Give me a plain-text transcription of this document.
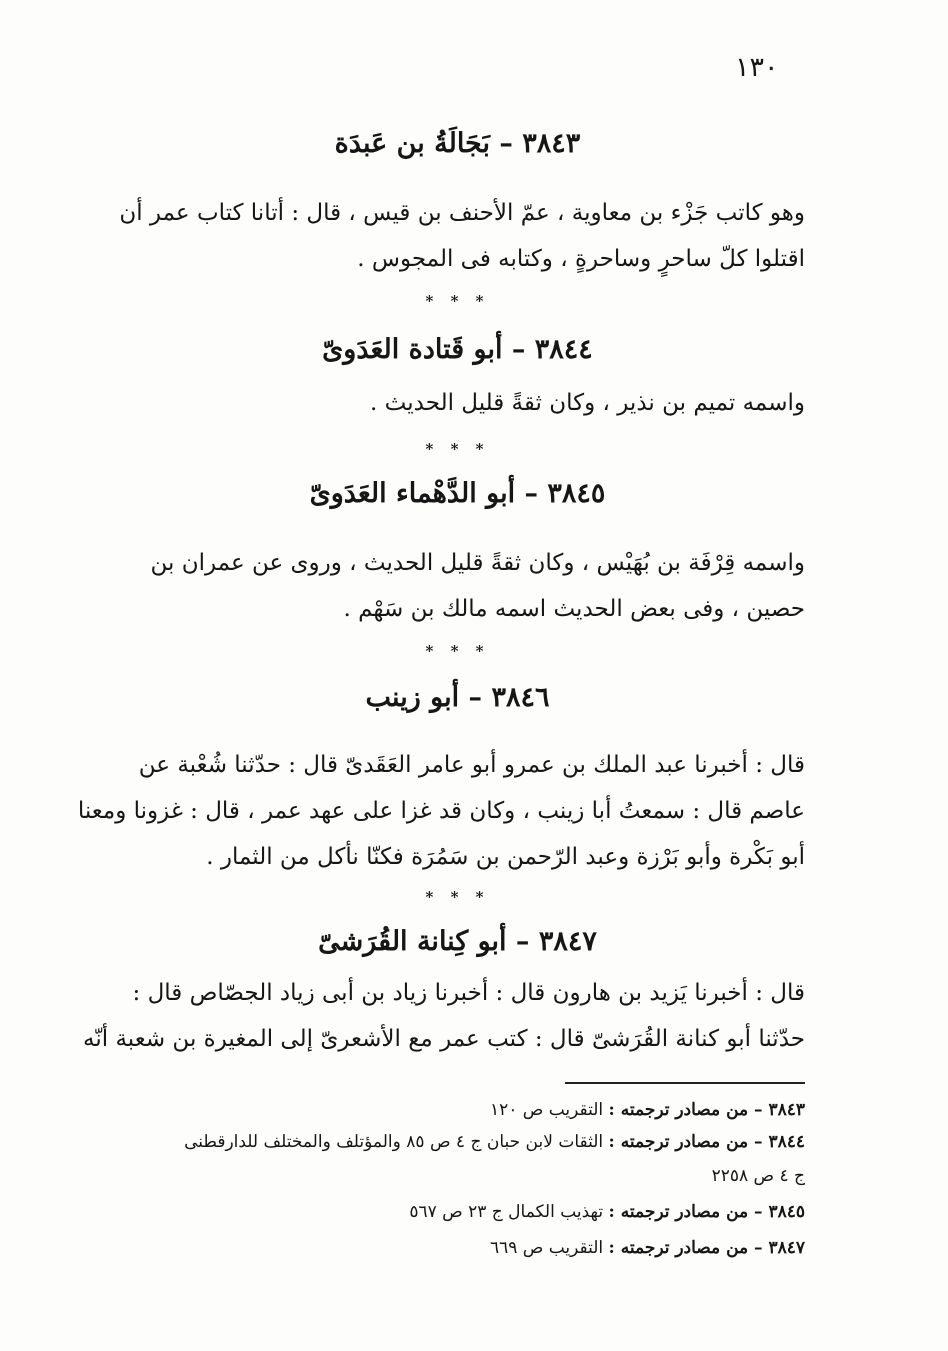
١٣٠
٣٨٤٣ – بَجَالَةُ بن عَبدَة
وهو كاتب جَزْء بن معاوية ، عمّ الأحنف بن قيس ، قال : أتانا كتاب عمر أن
اقتلوا كلّ ساحرٍ وساحرةٍ ، وكتابه فى المجوس .
* * *
٣٨٤٤ – أبو قَتادة العَدَوىّ
واسمه تميم بن نذير ، وكان ثقةً قليل الحديث .
* * *
٣٨٤٥ – أبو الدَّهْماء العَدَوىّ
واسمه قِرْفَة بن بُهَيْس ، وكان ثقةً قليل الحديث ، وروى عن عمران بن
حصين ، وفى بعض الحديث اسمه مالك بن سَهْم .
* * *
٣٨٤٦ – أبو زينب
قال : أخبرنا عبد الملك بن عمرو أبو عامر العَقَدىّ قال : حدّثنا شُعْبة عن
عاصم قال : سمعتُ أبا زينب ، وكان قد غزا على عهد عمر ، قال : غزونا ومعنا
أبو بَكْرة وأبو بَرْزة وعبد الرّحمن بن سَمُرَة فكنّا نأكل من الثمار .
* * *
٣٨٤٧ – أبو كِنانة القُرَشىّ
قال : أخبرنا يَزيد بن هارون قال : أخبرنا زياد بن أبى زياد الجصّاص قال :
حدّثنا أبو كنانة القُرَشىّ قال : كتب عمر مع الأشعرىّ إلى المغيرة بن شعبة أنّه
٣٨٤٣ – من مصادر ترجمته : التقريب ص ١٢٠
٣٨٤٤ – من مصادر ترجمته : الثقات لابن حبان ج ٤ ص ٨٥ والمؤتلف والمختلف للدارقطنى
ج ٤ ص ٢٢٥٨
٣٨٤٥ – من مصادر ترجمته : تهذيب الكمال ج ٢٣ ص ٥٦٧
٣٨٤٧ – من مصادر ترجمته : التقريب ص ٦٦٩
